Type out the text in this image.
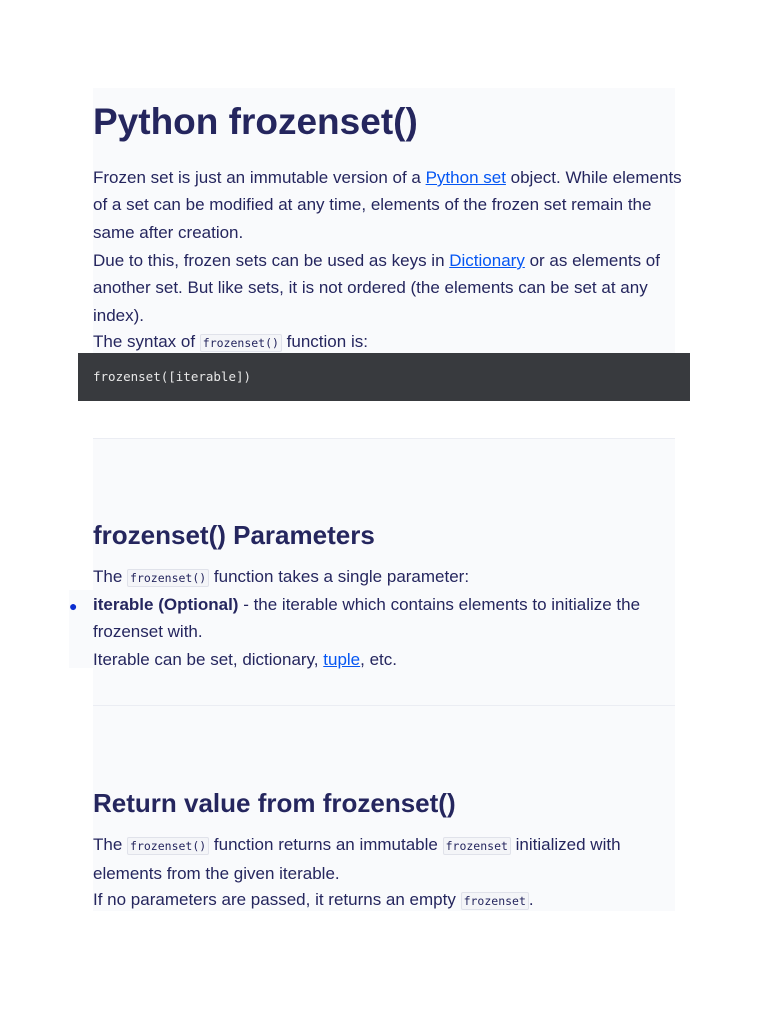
Python frozenset()

Frozen set is just an immutable version of a Python set object. While elements of a set can be modified at any time, elements of the frozen set remain the same after creation.

Due to this, frozen sets can be used as keys in Dictionary or as elements of another set. But like sets, it is not ordered (the elements can be set at any index).

The syntax of frozenset() function is:

frozenset([iterable])
frozenset() Parameters

The frozenset() function takes a single parameter:

● iterable (Optional) - the iterable which contains elements to initialize the frozenset with.

Iterable can be set, dictionary, tuple, etc.

Return value from frozenset()

The frozenset() function returns an immutable frozenset initialized with elements from the given iterable.

If no parameters are passed, it returns an empty frozenset .
